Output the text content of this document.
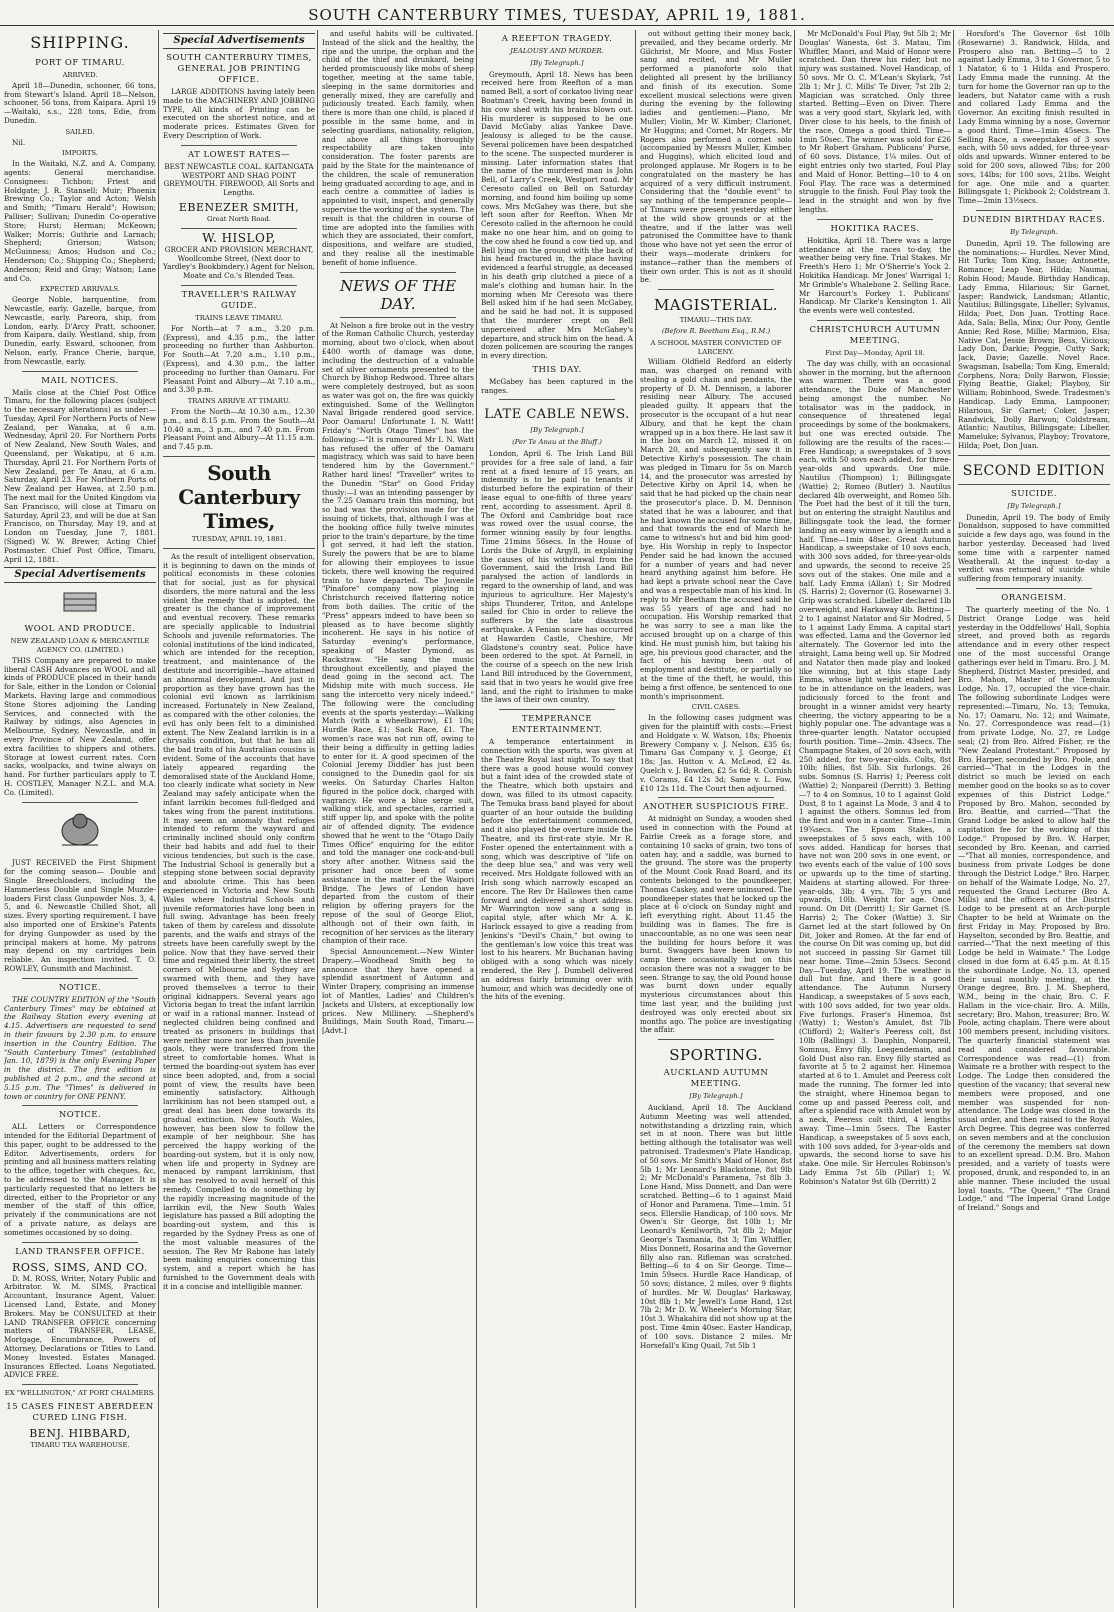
SOUTH CANTERBURY TIMES, TUESDAY, APRIL 19, 1881.
SHIPPING.
PORT OF TIMARU.
ARRIVED.
April 18—Dunedin, schooner, 66 tons, from Stewart's Island. April 18—Nelson, schooner, 56 tons, from Kaipara. April 19—Waitaki, s.s., 228 tons, Edie, from Dunedin.
SAILED.
Nil.
IMPORTS.
In the Waitaki, N.Z. and A. Company, agents: General merchandise. Consignees: Tichbon; Friest and Holdgate; J. R. Stansell; Muir; Phoenix Brewing Co.; Taylor and Acton; Welsh and Smith; "Timaru Herald"; Howison; Palliser; Sullivan; Dunedin Co-operative Store; Hurst; Herman; McKeown; Walker; Morris; Guthrie and Larnach; Shepherd; Grierson; Watson; McGuinness; Amos; Hudson and Co.; Henderson; Co.; Shipping Co.; Shepherd; Anderson; Reid and Gray; Watson; Lane and Co.
EXPECTED ARRIVALS.
George Noble, barquentine, from Newcastle, early. Gazelle, barque, from Newcastle, early. Pareora, ship, from London, early. D'Arcy Pratt, schooner, from Kaipara, daily. Westland, ship, from Dunedin, early. Esward, schooner, from Nelson, early. France Cherie, barque, from Newcastle, early.
MAIL NOTICES.
Mails close at the Chief Post Office Timaru, for the following places (subject to the necessary alterations) as under:— Tuesday, April For Northern Ports of New Zealand, per Wanaka, at 6 a.m. Wednesday, April 20. For Northern Ports of New Zealand, New South Wales, and Queensland, per Wakatipu, at 6 a.m. Thursday, April 21. For Northern Ports of New Zealand, per Te Anau, at 6 a.m. Saturday, April 23. For Northern Ports of New Zealand per Hawea, at 2.50 p.m. The next mail for the United Kingdom via San Francisco, will close at Timaru on Saturday, April 23, and will be due at San Francisco, on Thursday, May 19, and at London on Tuesday, June 7, 1881. (Signed) W. W. Brewer, Acting Chief Postmaster. Chief Post Office, Timaru, April 12, 1881.
Special Advertisements
WOOL AND PRODUCE.
NEW ZEALAND LOAN & MERCANTILE AGENCY CO. (LIMITED.)
THIS Company are prepared to make liberal CASH Advances on WOOL and all kinds of PRODUCE placed in their hands for Sale, either in the London or Colonial Markets. Having large and commodious Stone Stores adjoining the Landing Services, and connected with the Railway by sidings, also Agencies in Melbourne, Sydney, Newcastle, and in every Province of New Zealand, offer extra facilities to shippers and others. Storage at lowest current rates. Corn sacks, woolpacks, and twine always on hand. For further particulars apply to T. H. COSTLEY, Manager N.Z.L. and M.A. Co. (Limited).
JUST RECEIVED the First Shipment for the coming season— Double and Single Breechloaders, including the Hammerless Double and Single Muzzle-loaders First class Gunpowder Nos. 3, 4, 5, and 6. Newcastle Chilled Shot, all sizes. Every sporting requirement. I have also imported one of Erskine's Patents for drying Gunpowder as used by the principal makers at home. My patrons may depend on my cartridges bein reliable. An inspection invited. T. O. ROWLEY, Gunsmith and Machinist.
NOTICE.
THE COUNTRY EDITION of the "South Canterbury Times" may be obtained at the Railway Station every evening at 4.15. Advertisers are requested to send in their favours by 2.30 p.m. to ensure insertion in the Country Edition. The "South Canterbury Times" (established Jan. 10, 1879) is the only Evening Paper in the district. The first edition is published at 2 p.m., and the second at 5.15 p.m. The "Times" is delivered in town or country for ONE PENNY.
NOTICE.
ALL Letters or Correspondence intended for the Editorial Department of this paper, ought to be addressed to the Editor. Advertisements, orders for printing and all business matters relating to the office, together with cheques, &c, to be addressed to the Manager. It is particularly requested that no letters be directed, either to the Proprietor or any member of the staff of this office, privately if the communications are not of a private nature, as delays are sometimes occasioned by so doing.
LAND TRANSFER OFFICE.
ROSS, SIMS, AND CO.
D. M. ROSS, Writer, Notary Public and Arbitrator. W. M. SIMS, Practical Accountant, Insurance Agent, Valuer. Licensed Land, Estate, and Money Brokers. May be CONSULTED at their LAND TRANSFER OFFICE concerning matters of TRANSFER, LEASE, Mortgage, Encumbrance, Powers of Attorney, Declarations or Titles to Land. Money Invested. Estates Managed. Insurances Effected. Loans Negotiated. ADVICE FREE.
EX "WELLINGTON," AT PORT CHALMERS.
15 CASES FINEST ABERDEEN CURED LING FISH.
BENJ. HIBBARD,
TIMARU TEA WAREHOUSE.
Special Advertisements
SOUTH CANTERBURY TIMES, GENERAL JOB PRINTING OFFICE.
LARGE ADDITIONS having lately been made to the MACHINERY AND JOBBING TYPE, All kinds of Printing can be executed on the shortest notice, and at moderate prices. Estimates Given for Every Description of Work.
AT LOWEST RATES—
BEST NEWCASTLE COAL. KAITANGATA WESTPORT AND SHAG POINT GREYMOUTH. FIREWOOD, All Sorts and Lengths.
EBENEZER SMITH,
Great North Road.
W. HISLOP,
GROCER AND PROVISION MERCHANT, Woollcombe Street, (Next door to Yardley's Bookbindery.) Agent for Nelson, Moate and Co.'s Blended Teas.
TRAVELLER'S RAILWAY GUIDE.
TRAINS LEAVE TIMARU.
For North—at 7 a.m., 3.20 p.m. (Express), and 4.35 p.m., the latter proceeding no further than Ashburton. For South—At 7.20 a.m., 1.10 p.m., (Express), and 4.30 p.m., the latter proceeding no further than Oamaru. For Pleasant Point and Albury—At 7.10 a.m., and 3.30 p.m.
TRAINS ARRIVE AT TIMARU.
From the North—At 10.30 a.m., 12.30 p.m., and 8.15 p.m. From the South—At 10.40 a.m., 3 p.m., and 7.40 p.m. From Pleasant Point and Albury—At 11.15 a.m. and 7.45 p.m.
South Canterbury Times,
TUESDAY, APRIL 19, 1881.
As the result of intelligent observation, it is beginning to dawn on the minds of political economists in these colonies that for social, just as for physical disorders, the more natural and the less violent the remedy that is adopted, the greater is the chance of improvement and eventual recovery. These remarks are specially applicable to Industrial Schools and juvenile reformatories. The colonial institutions of the kind indicated, which are intended for the reception, treatment, and maintenance of the destitute and incorrigible—have attained an abnormal development. And just in proportion as they have grown has the colonial evil known as larrikinism increased. Fortunately in New Zealand, as compared with the other colonies, the evil has only been felt to a diminished extent. The New Zealand larrikin is in a chrysalis condition, but that he has all the bad traits of his Australian cousins is evident. Some of the accounts that have lately appeared regarding the demoralised state of the Auckland Home, too clearly indicate what society in New Zealand may safely anticipate when the infant larrikin becomes full-fledged and takes wing from the parent institutions. It may seem an anomaly that refuges intended to reform the wayward and criminally inclined should only confirm their bad habits and add fuel to their vicious tendencies, but such is the case. The Industrial School is generally but a stepping stone between social depravity and absolute crime. This has been experienced in Victoria and New South Wales where Industrial Schools and juvenile reformatories have long been in full swing. Advantage has been freely taken of them by careless and dissolute parents, and the waifs and strays of the streets have been carefully swept by the police. Now that they have served their time and regained their liberty, the street corners of Melbourne and Sydney are swarmed with them, and they have proved themselves a terror to their original kidnappers. Several years ago Victoria began to treat the infant larrikin or waif in a rational manner. Instead of neglected children being confined and treated as prisoners in buildings that were neither more nor less than juvenile gaols, they were transferred from the street to comfortable homes. What is termed the boarding-out system has ever since been adopted, and, from a social point of view, the results have been eminently satisfactory. Although larrikinism has not been stamped out, a great deal has been done towards its gradual extinction. New South Wales, however, has been slow to follow the example of her neighbour. She has perceived the happy working of the boarding-out system, but it is only now, when life and property in Sydney are menaced by rampant larrikinism, that she has resolved to avail herself of this remedy. Compelled to do something by the rapidly increasing magnitude of the larrikin evil, the New South Wales legislature has passed a Bill adopting the boarding-out system, and this is regarded by the Sydney Press as one of the most valuable measures of the session. The Rev Mr Rabone has lately been making enquiries concerning this system, and a report which he has furnished to the Government deals with it in a concise and intelligible manner.
and useful habits will be cultivated. Instead of the slick and the healthy, the ripe and the unripe, the orphan and the child of the thief and drunkard, being herded promiscuously like mobs of sheep together, meeting at the same table, sleeping in the same dormitories and generally mixed, they are carefully and judiciously treated. Each family, when there is more than one child, is placed if possible in the same home, and in selecting guardians, nationality, religion, and above all things thoroughly respectability are taken into consideration. The foster parents are paid by the State for the maintenance of the children, the scale of remuneration being graduated according to age, and in each centre a committee of ladies is appointed to visit, inspect, and generally supervise the working of the system. The result is that the children in course of time are adopted into the families with which they are associated, their comfort, dispositions, and welfare are studied, and they realise all the inestimable benefit of home influence.
NEWS OF THE DAY.
At Nelson a fire broke out in the vestry of the Roman Catholic Church, yesterday morning, about two o'clock, when about £400 worth of damage was done, including the destruction of a valuable set of silver ornaments presented to the Church by Bishop Redwood. Three altars were completely destroyed, but as soon as water was got on, the fire was quickly extinguished. Some of the Wellington Naval Brigade rendered good service. Poor Oamaru! Unfortunate I. N. Watt! Friday's "North Otago Times" has the following:—"It is rumoured Mr I. N. Watt has refused the offer of the Oamaru magistracy, which was said to have been tendered him by the Government." Rather hard lines! "Traveller" writes to the Dunedin "Star" on Good Friday thusly:—I was an intending passenger by the 7.25 Oamaru train this morning, but so bad was the provision made for the issuing of tickets, that, although I was at the booking office fully twelve minutes prior to the train's departure, by the time I got served, it had left the station. Surely the powers that be are to blame for allowing their employees to issue tickets, there well knowing the required train to have departed. The Juvenile "Pinafore" company now playing in Christchurch received flattering notice from both dailies. The critic of the "Press" appears indeed to have been so pleased as to have become slightly incoherent. He says in his notice of Saturday evening's performance, speaking of Master Dymond, as Rackstraw. "He sang the music throughout excellently, and played the dead going in the second act. The Midship mite with much success. He sang the intercetto very nicely indeed." The following were the concluding events at the sports yesterday:—Walking Match (with a wheelbarrow), £1 10s; Hurdle Race, £1; Sack Race, £1. The women's race was not run off, owing to their being a difficulty in getting ladies to enter for it. A good specimen of the Colonial Jeremy Diddler has just been consigned to the Dunedin gaol for six weeks. On Saturday Charles Halton figured in the police dock, charged with vagrancy. He wore a blue serge suit, walking stick, and spectacles, carried a stiff upper lip, and spoke with the polite air of offended dignity. The evidence showed that he went to the "Otago Daily Times Office" enquiring for the editor and told the manager one cock-and-bull story after another. Witness said the prisoner had once been of some assistance in the matter of the Waipori Bridge. The Jews of London have departed from the custom of their religion by offering prayers for the repose of the soul of George Eliot, although not of their own faith, in recognition of her services as the literary champion of their race.
Special Announcement.—New Winter Drapery.—Woodhead Smith beg to announce that they have opened a splendid assortment of Autumn and Winter Drapery, comprising an immense lot of Mantles, Ladies' and Children's Jackets and Ulsters, at exceptionally low prices. New Millinery. —Shepherd's Buildings, Main South Road, Timaru.—[Advt.]
A REEFTON TRAGEDY.
JEALOUSY AND MURDER.
[By Telegraph.]
Greymouth, April 18. News has been received here from Reefton of a man named Bell, a sort of cockatoo living near Boatman's Creek, having been found in his cow shed with his brains blown out. His murderer is supposed to be one David McGaby alias Yankee Dave. Jealousy is alleged to be the cause. Several policemen have been despatched to the scene. The suspected murderer is missing. Later information states that the name of the murdered man is John Bell, of Larry's Creek, Westport road. Mr Ceresoto called on Bell on Saturday morning, and found him boiling up some cows. Mrs McGahey was there, but she left soon after for Reefton. When Mr Ceresoto called in the afternoon he could make no one hear him, and on going to the cow shed he found a cow tied up, and Bell lying on the ground with the back of his head fractured in, the place having evidenced a fearful struggle, as deceased in his death grip clutched a piece of a male's clothing and human hair. In the morning when Mr Ceresoto was there Bell asked him if he had seen McGabey, and he said he had not. It is supposed that the murderer crept on Bell unperceived after Mrs McGahey's departure, and struck him on the head. A dozen policemen are scouring the ranges in every direction.
THIS DAY.
McGabey has been captured in the ranges.
LATE CABLE NEWS.
[By Telegraph.]
(Per Te Anau at the Bluff.)
London, April 6. The Irish Land Bill provides for a free sale of land, a fair rent at a fixed tenure of 15 years, an indemnity is to be paid to tenants if disturbed before the expiration of their lease equal to one-fifth of three years' rent, according to assessment. April 8. The Oxford and Cambridge boat race was rowed over the usual course, the former winning easily by four lengths. Time 21mins 56secs. In the House of Lords the Duke of Argyll, in explaining the causes of his withdrawal from the Government, said the Irish Land Bill paralysed the action of landlords in regard to the ownership of land, and was injurious to agriculture. Her Majesty's ships Thunderer, Triton, and Antelope sailed for Chio in order to relieve the sufferers by the late disastrous earthquake. A Fenian scare has occurred at Hawarden Castle, Cheshire, Mr Gladstone's country seat. Police have been ordered to the spot. At Parnell, in the course of a speech on the new Irish Land Bill introduced by the Government, said that in two years he would give free land, and the right to Irishmen to make the laws of their own country.
TEMPERANCE ENTERTAINMENT.
A temperance entertainment in connection with the sports, was given at the Theatre Royal last night. To say that there was a good house would convey but a faint idea of the crowded state of the Theatre, which both upstairs and down, was filled to its utmost capacity. The Temuka brass band played for about quarter of an hour outside the building before the entertainment commenced, and it also played the overture inside the Theatre, and its first-rate style. Mr R. Foster opened the entertainment with a song, which was descriptive of "life on the deep blue sea," and was very well received. Mrs Holdgate followed with an Irish song which narrowly escaped an encore. The Rev Dr Hallowes then came forward and delivered a short address. Mr Warrington now sang a song in capital style, after which Mr A. K. Harlock essayed to give a reading from Jenkins's "Devil's Chain," but owing to the gentleman's low voice this treat was lost to his hearers. Mr Buchanan having obliged with a song which was nicely rendered, the Rev J. Dumbell delivered an address fairly brimming over with humour, and which was decidedly one of the hits of the evening.
out without getting their money back, prevailed, and they became orderly. Mr Gilchrist, Mr Moore, and Miss Foster sang and recited, and Mr Muller performed a pianoforte solo that delighted all present by the brilliancy and finish of its execution. Some excellent musical selections were given during the evening by the following ladies and gentlemen:—Piano, Mr Muller; Violin, Mr W. Kimber; Clarionet, Mr Huggins; and Cornet, Mr Rogers. Mr Rogers also performed a cornet solo (accompanied by Messrs Muller, Kimber, and Huggins), which elicited loud and prolonged applause. Mr Rogers is to be congratulated on the mastery he has acquired of a very difficult instrument. Considering that the "double event" to say nothing of the temperance people—of Timaru were present yesterday either at the wild show grounds or at the theatre, and if the latter was well patronised the Committee have to thank those who have not yet seen the error of their ways—moderate drinkers for instance—rather than the members of their own order. This is not as it should be.
MAGISTERIAL.
TIMARU—THIS DAY.
(Before R. Beetham Esq., R.M.)
A SCHOOL MASTER CONVICTED OF LARCENY.
William Oldfield Redford an elderly man, was charged on remand with stealing a gold chain and pendants, the property of D. M. Dennison, a laborer residing near Albury. The accused pleaded guilty. It appears that the prosecutor is the occupant of a hut near Albury, and that he kept the chain wrapped up in a box there. He last saw it in the box on March 12, missed it on March 20, and subsequently saw it in Detective Kirby's possession. The chain was pledged in Timaru for 5s on March 14, and the prosecutor was arrested by Detective Kirby on April 14, when he said that he had picked up the chain near the prosecutor's place. D. M. Dennison stated that he was a labourer, and that he had known the accused for some time, and that towards the end of March he came to witness's hut and bid him good-bye. His Worship in reply to Inspector Pender said he had known the accused for a number of years and had never heard anything against him before. He had kept a private school near the Cave and was a respectable man of his kind. In reply to Mr Beetham the accused said he was 55 years of age and had no occupation. His Worship remarked that he was sorry to see a man like the accused brought up on a charge of this kind. He must punish him, but taking his age, his previous good character, and the fact of his having been out of employment and destitute, or partially so at the time of the theft, he would, this being a first offence, be sentenced to one month's imprisonment.
CIVIL CASES.
In the following cases judgment was given for the plaintiff with costs:—Friest and Holdgate v. W. Watson, 18s; Phoenix Brewery Company v. J. Nelson, £35 6s; Timaru Gas Company v. J. George, £1 18s; Jas. Hutton v. A. McLeod, £2 4s. Quelch v. J. Bowden, £2 5s 6d; R. Cornish v. Corams, £4 12s 3d; Same v. L. Fow, £10 12s 11d. The Court then adjourned.
ANOTHER SUSPICIOUS FIRE.
At midnight on Sunday, a wooden shed used in connection with the Pound at Fairlie Creek as a forage store, and containing 10 sacks of grain, two tons of oaten hay, and a saddle, was burned to the ground. The store was the property of the Mount Cook Road Board, and its contents belonged to the poundkeeper, Thomas Caskey, and were uninsured. The poundkeeper states that he locked up the place at 6 o'clock on Sunday night and left everything right. About 11.45 the building was in flames. The fire is unaccountable, as no one was seen near the building for hours before it was burnt. Swaggers have been known to camp there occasionally but on this occasion there was not a swagger to be seen. Strange to say, the old Pound house was burnt down under equally mysterious circumstances about this time last year, and the building just destroyed was only erected about six months ago. The police are investigating the affair.
SPORTING.
AUCKLAND AUTUMN MEETING.
[By Telegraph.]
Auckland, April 18. The Auckland Autumn Meeting was well attended, notwithstanding a drizzling rain, which set in at noon. There was but little betting although the totalisator was well patronised. Tradesmen's Plate Handicap, of 50 sovs. Mr Smith's Maid of Honor, 8st 5lb 1; Mr Leonard's Blackstone, 8st 9lb 2; Mr McDonald's Paramena, 7st 8lb 3. Lone Hand, Miss Donnett, and Dan were scratched. Betting—6 to 1 against Maid of Honor and Paramena. Time—1min. 51 secs. Ellerslie Handicap, of 100 sovs. Mr Owen's Sir George, 8st 10lb 1; Mr Leonard's Kenilworth, 7st 8lb 2; Major George's Tasmania, 8st 3; Tim Whiffler, Miss Donnett, Rosarina and the Governor filly also ran. Rifleman was scratched. Betting—6 to 4 on Sir George. Time—1min 59secs. Hurdle Race Handicap, of 50 sovs; distance, 2 miles, over 9 flights of hurdles. Mr W. Douglas' Harkaway, 10st 8lb 1; Mr Jewell's Lone Hand, 12st 7lb 2; Mr D. W. Wheeler's Morning Star, 10st 3. Whakahira did not show up at the post. Time 4min 40sec. Easter Handicap, of 100 sovs. Distance 2 miles. Mr Horsefall's King Quail, 7st 5lb 1
Mr McDonald's Foul Play, 9st 5lb 2; Mr Douglas' Wanesta, 6st 3. Matau, Tim Whiffler, Maori, and Maid of Honor were scratched. Dan threw his rider, but no injury was sustained. Novel Handicap, of 50 sovs. Mr O. C. M'Lean's Skylark, 7st 2lb 1; Mr J. C. Mills' Te Diver, 7st 2lb 2; Magician was scratched. Only three started. Betting—Even on Diver. There was a very good start, Skylark led, with Diver close to his heels, to the finish of the race, Omega a good third. Time—1min 50sec. The winner was sold for £26 to Mr Robert Graham. Publicans' Purse, of 60 sovs. Distance, 1¼ miles. Out of eight entries only two started, Foul Play and Maid of Honor. Betting—10 to 4 on Foul Play. The race was a determined struggle to the finish. Foul Play took the lead in the straight and won by five lengths.
HOKITIKA RACES.
Hokitika, April 18. There was a large attendance at the races to-day, the weather being very fine. Trial Stakes. Mr Freeth's Hero 1; Mr O'Sherrie's Yock 2. Hokitika Handicap. Mr Jones' Warrigal 1; Mr Grimble's Whalebone 2. Selling Race. Mr Harcourt's Forkey 1. Publicans' Handicap. Mr Clarke's Kensington 1. All the events were well contested.
CHRISTCHURCH AUTUMN MEETING.
First Day—Monday, April 18.
The day was chilly, with an occasional shower in the morning, but the afternoon was warmer. There was a good attendance, the Duke of Manchester being amongst the number. No totalisator was in the paddock, in consequence of threatened legal proceedings by some of the bookmakers, but one was erected outside. The following are the results of the races:— Free Handicap; a sweepstakes of 3 sovs each, with 50 sovs each added, for three-year-olds and upwards. One mile. Nautilus (Thompson) 1; Billingsgate (Wattie) 2; Romeo (Butler) 3. Nautilus declared 4lb overweight, and Romeo 5lb. The Poet had the best of it till the turn, but on entering the straight Nautilus and Billingsgate took the lead, the former landing an easy winner by a length and a half. Time—1min 48sec. Great Autumn Handicap, a sweepstake of 10 sovs each, with 300 sovs added, for three-year-olds and upwards, the second to receive 25 sovs out of the stakes. One mile and a half. Lady Emma (Allan) 1; Sir Modred (S. Harris) 2; Governor (G. Rosewarne) 3. Grip was scratched. Libeller declared 1lb overweight, and Harkaway 4lb. Betting—2 to 1 against Natator and Sir Modred, 5 to 1 against Lady Emma. A capital start was effected. Lama and the Governor led alternately. The Governor led into the straight, Lama being well up. Sir Modred and Natator then made play and looked like winning, but at this stage Lady Emma, whose light weight enabled her to be in attendance on the leaders, was judiciously forced to the front and brought in a winner amidst very hearty cheering, the victory appearing to be a highly popular one. The advantage was a three-quarter length. Natator occupied fourth position. Time—2min. 43secs. The Champagne Stakes, of 20 sovs each, with 250 added, for two-year-olds. Colts, 8st 10lb; fillies, 8st 5lb. Six furlongs. 26 subs. Somnus (S. Harris) 1; Peeress colt (Wattie) 2; Nonpareil (Derritt) 3. Betting—7 to 4 on Somnus, 10 to 1 against Gold Dust, 8 to 1 against La Mode, 3 and 4 to 1 against the others. Somnus led from the first and won in a canter. Time—1min 19¾secs. The Epsom Stakes, a sweepstakes of 5 sovs each, with 100 sovs added. Handicap for horses that have not won 200 sovs in one event, or two events each of the value of 100 sovs or upwards up to the time of starting. Maidens at starting allowed. For three-year-olds, 3lb; 4 yrs, 7lb; 5 yrs and upwards, 10lb. Weight for age. Once round. On Dit (Derritt) 1; Sir Garnet (S. Harris) 2; The Coker (Wattie) 3. Sir Garnet led at the start followed by On Dit, Joker and Romeo. At the far end of the course On Dit was coming up, but did not succeed in passing Sir Garnet till near home. Time—2min 53secs. Second Day—Tuesday, April 19. The weather is dull but fine, and there is a good attendance. The Autumn Nursery Handicap, a sweepstakes of 5 sovs each, with 100 sovs added, for two year olds. Five furlongs. Fraser's Hinemoa, 8st (Watty) 1; Weston's Amulet, 8st 7lb (Clifford) 2; Walter's Peeress colt, 8st 10lb (Ballings) 3. Dauphin, Nonpareil, Somnus, Envy filly, Loegendemain, and Gold Dust also ran. Envy filly started as favorite at 5 to 2 against her. Hinemoa started at 6 to 1. Amulet and Peeress colt made the running. The former led into the straight, where Hinemoa began to come up and passed Peeress colt, and after a splendid race with Amulet won by a neck, Peeress colt third, 4 lengths away. Time—1min 5secs. The Easter Handicap, a sweepstakes of 5 sovs each, with 100 sovs added, for 3-year-olds and upwards, the second horse to save his stake. One mile. Sir Hercules Robinson's Lady Emma 7st 5lb (Pillar) 1; W. Robinson's Natator 9st 6lb (Derritt) 2
Horsford's The Governor 6st 10lb (Rosewarne) 3. Randwick, Hilda, and Prospero also ran. Betting—5 to 2 against Lady Emma, 3 to 1 Governor, 5 to 1 Natator, 6 to 1 Hilda and Prospero. Lady Emma made the running. At the turn for home the Governor ran up to the leaders, but Natator came with a rush and collared Lady Emma and the Governor. An exciting finish resulted in Lady Emma winning by a nose, Governor a good third. Time—1min 45secs. The Selling Race, a sweepstakes of 3 sovs each, with 50 sovs added, for three-year-olds and upwards. Winner entered to be sold for 200 sovs, allowed 7lbs; for 200 sovs, 14lbs; for 100 sovs, 21lbs. Weight for age. One mile and a quarter. Billingsgate 1; Pickbook 2; Coldstream 3. Time—2min 13½secs.
DUNEDIN BIRTHDAY RACES.
By Telegraph.
Dunedin, April 19. The following are the nominations:— Hurdles. Never Mind, Hit Turks; Tom King, Issue; Antonette, Romance; Leap Year, Hilda; Naumai, Robin Hood; Maude. Birthday Handicap. Lady Emma, Hilarious; Sir Garnet, Jasper; Randwick, Landsman; Atlantic, Nautilus; Billingsgate, Libeller; Sylvanus, Hilda; Poet, Don Juan. Trotting Race. Ada, Sala; Bella, Minx; Our Pony, Gentle Annie; Red Rose, Millie; Marmion, Elsa; Native Cat, Jessie Brown; Bess, Vicious; Lady Don, Darkie; Peggie, Cutty Sark; Jack, Davie; Gazelle. Novel Race. Swagsman, Isabella; Tom King, Emerald; Corphens, Nora; Dolly Barwon, Flossie; Flying Beattie, Giakel; Playboy, Sir William; Robinhood, Swede. Tradesmen's Handicap. Lady Emma, Lampooner; Hilarious, Sir Garnet; Coker, Jasper; Randwick, Dolly Barwon; Coldstream, Atlantic; Nautilus, Billingsgate; Libeller, Mameluke; Sylvanus, Playboy; Trovatore, Hilda; Poet, Don Juan.
SECOND EDITION
SUICIDE.
[By Telegraph.]
Dunedin, April 19. The body of Emily Donaldson, supposed to have committed suicide a few days ago, was found in the harbor yesterday. Deceased had lived some time with a carpenter named Weatherall. At the inquest to-day a verdict was returned of suicide while suffering from temporary insanity.
ORANGEISM.
The quarterly meeting of the No. 1 District Orange Lodge was held yesterday in the Oddfellows' Hall, Sophia street, and proved both as regards attendance and in every other respect one of the most successful Orange gatherings ever held in Timaru. Bro. J. M. Shepherd, District Master, presided, and Bro. Mahon, Master of the Temuka Lodge, No. 17, occupied the vice-chair. The following subordinate Lodges were represented:—Timaru, No. 13; Temuka, No. 17; Oamaru, No. 12; and Waimate, No. 27. Correspondence was read—(1) from private Lodge, No. 27, re Lodge seal; (2) from Bro. Alfred Fisher, re the "New Zealand Protestant." Proposed by Bro. Harper, seconded by Bro. Poole, and carried—"That in the Lodges in the district so much be levied on each member good on the books so as to cover expenses of this District Lodge." Proposed by Bro. Mahon, seconded by Bro. Beattie, and carried—"That the Grand Lodge be asked to allow half the capitation fee for the working of this Lodge." Proposed by Bro. W. Harper, seconded by Bro. Keenan, and carried—"That all monies, correspondence, and business from private Lodges be done through the District Lodge." Bro. Harper, on behalf of the Waimate Lodge, No. 27, requested the Grand Lecturer (Bro A. Mills) and the officers of the District Lodge to be present at an Arch-purple Chapter to be held at Waimate on the first Friday in May. Proposed by Bro. Hayselton, seconded by Bro. Beattie, and carried—"That the next meeting of this Lodge be held in Waimate." The Lodge closed in due form at 6.45 p.m. At 8.15 the subordinate Lodge, No. 13, opened their usual monthly meeting, at the Orange degree, Bro. J. M. Shepherd, W.M., being in the chair, Bro. C. F. Hallam in the vice-chair. Bro. A. Mills, secretary; Bro. Mahon, treasurer; Bro. W. Poole, acting chaplain. There were about 100 members present, including visitors. The quarterly financial statement was read and considered favourable. Correspondence was read—(1) from Waimate re a brother with respect to the Lodge. The Lodge then considered the question of the vacancy; that several new members were proposed, and one member was suspended for non-attendance. The Lodge was closed in the usual order, and then raised to the Royal Arch Degree. This degree was conferred on seven members and at the conclusion of the ceremony the members sat down to an excellent spread. D.M. Bro. Mahon presided, and a variety of toasts were proposed, drunk, and responded to, in an able manner. These included the usual loyal toasts, "The Queen," "The Grand Lodge," and "The Imperial Grand Lodge of Ireland." Songs and
